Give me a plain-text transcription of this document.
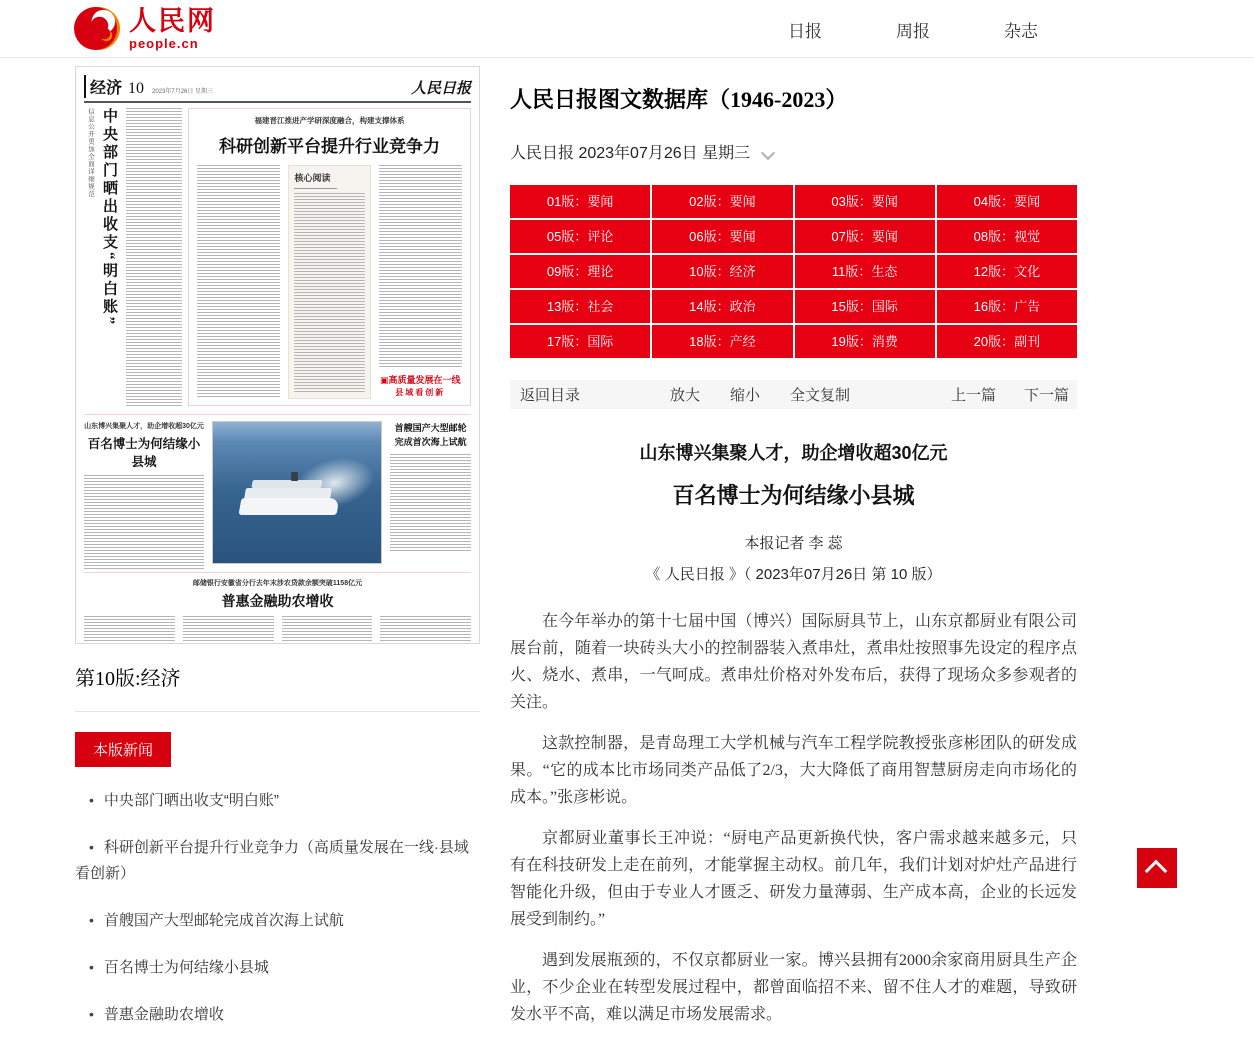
人民网
people.cn
日报	周报	杂志
经济 10 2023年7月26日 星期三	人民日报
信息公开更加全面详细规范 中央部门晒出收支“明白账”	福建晋江推进产学研深度融合，构建支撑体系
科研创新平台提升行业竞争力
核心阅读
▣高质量发展在一线
县域看创新
山东博兴集聚人才，助企增收超30亿元
百名博士为何结缘小县城
首艘国产大型邮轮
完成首次海上试航
邮储银行安徽省分行去年末涉农贷款余额突破1158亿元
普惠金融助农增收
第10版:经济
本版新闻
• 中央部门晒出收支“明白账”
• 科研创新平台提升行业竞争力（高质量发展在一线·县域看创新）
• 首艘国产大型邮轮完成首次海上试航
• 百名博士为何结缘小县城
• 普惠金融助农增收
人民日报图文数据库（1946-2023）
人民日报 2023年07月26日 星期三
01版：要闻	02版：要闻	03版：要闻	04版：要闻
05版：评论	06版：要闻	07版：要闻	08版：视觉
09版：理论	10版：经济	11版：生态	12版：文化
13版：社会	14版：政治	15版：国际	16版：广告
17版：国际	18版：产经	19版：消费	20版：副刊
返回目录	放大 缩小 全文复制	上一篇 下一篇
山东博兴集聚人才，助企增收超30亿元
百名博士为何结缘小县城
本报记者 李 蕊
《 人民日报 》（ 2023年07月26日 第 10 版）

在今年举办的第十七届中国（博兴）国际厨具节上，山东京都厨业有限公司展台前，随着一块砖头大小的控制器装入煮串灶，煮串灶按照事先设定的程序点火、烧水、煮串，一气呵成。煮串灶价格对外发布后，获得了现场众多参观者的关注。

这款控制器，是青岛理工大学机械与汽车工程学院教授张彦彬团队的研发成果。“它的成本比市场同类产品低了2/3，大大降低了商用智慧厨房走向市场化的成本。”张彦彬说。

京都厨业董事长王冲说：“厨电产品更新换代快，客户需求越来越多元，只有在科技研发上走在前列，才能掌握主动权。前几年，我们计划对炉灶产品进行智能化升级，但由于专业人才匮乏、研发力量薄弱、生产成本高，企业的长远发展受到制约。”

遇到发展瓶颈的，不仅京都厨业一家。博兴县拥有2000余家商用厨具生产企业，不少企业在转型发展过程中，都曾面临招不来、留不住人才的难题，导致研发水平不高，难以满足市场发展需求。
